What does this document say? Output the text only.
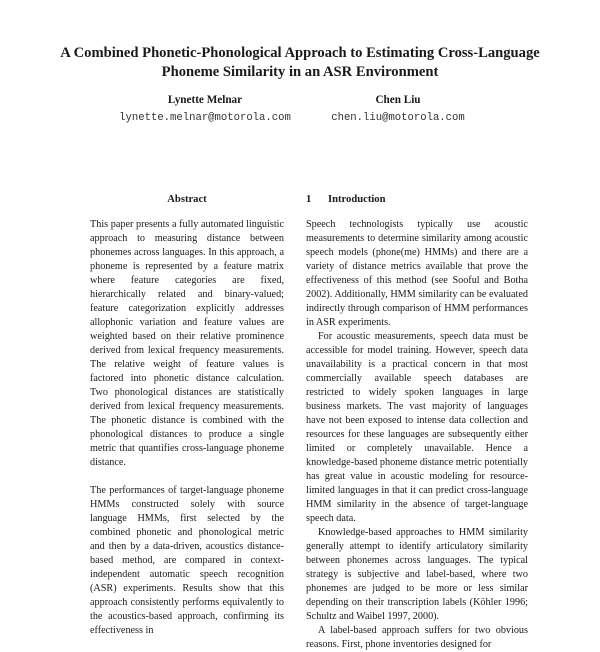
A Combined Phonetic-Phonological Approach to Estimating Cross-Language Phoneme Similarity in an ASR Environment
Lynette Melnar
lynette.melnar@motorola.com
Chen Liu
chen.liu@motorola.com
Abstract

This paper presents a fully automated linguistic approach to measuring distance between phonemes across languages. In this approach, a phoneme is represented by a feature matrix where feature categories are fixed, hierarchically related and binary-valued; feature categorization explicitly addresses allophonic variation and feature values are weighted based on their relative prominence derived from lexical frequency measurements. The relative weight of feature values is factored into phonetic distance calculation. Two phonological distances are statistically derived from lexical frequency measurements. The phonetic distance is combined with the phonological distances to produce a single metric that quantifies cross-language phoneme distance.

The performances of target-language phoneme HMMs constructed solely with source language HMMs, first selected by the combined phonetic and phonological metric and then by a data-driven, acoustics distance-based method, are compared in context-independent automatic speech recognition (ASR) experiments. Results show that this approach consistently performs equivalently to the acoustics-based approach, confirming its effectiveness in

1 Introduction

Speech technologists typically use acoustic measurements to determine similarity among acoustic speech models (phone(me) HMMs) and there are a variety of distance metrics available that prove the effectiveness of this method (see Sooful and Botha 2002). Additionally, HMM similarity can be evaluated indirectly through comparison of HMM performances in ASR experiments.

For acoustic measurements, speech data must be accessible for model training. However, speech data unavailability is a practical concern in that most commercially available speech databases are restricted to widely spoken languages in large business markets. The vast majority of languages have not been exposed to intense data collection and resources for these languages are subsequently either limited or completely unavailable. Hence a knowledge-based phoneme distance metric potentially has great value in acoustic modeling for resource-limited languages in that it can predict cross-language HMM similarity in the absence of target-language speech data.

Knowledge-based approaches to HMM similarity generally attempt to identify articulatory similarity between phonemes across languages. The typical strategy is subjective and label-based, where two phonemes are judged to be more or less similar depending on their transcription labels (Köhler 1996; Schultz and Waibel 1997, 2000).

A label-based approach suffers for two obvious reasons. First, phone inventories designed for
